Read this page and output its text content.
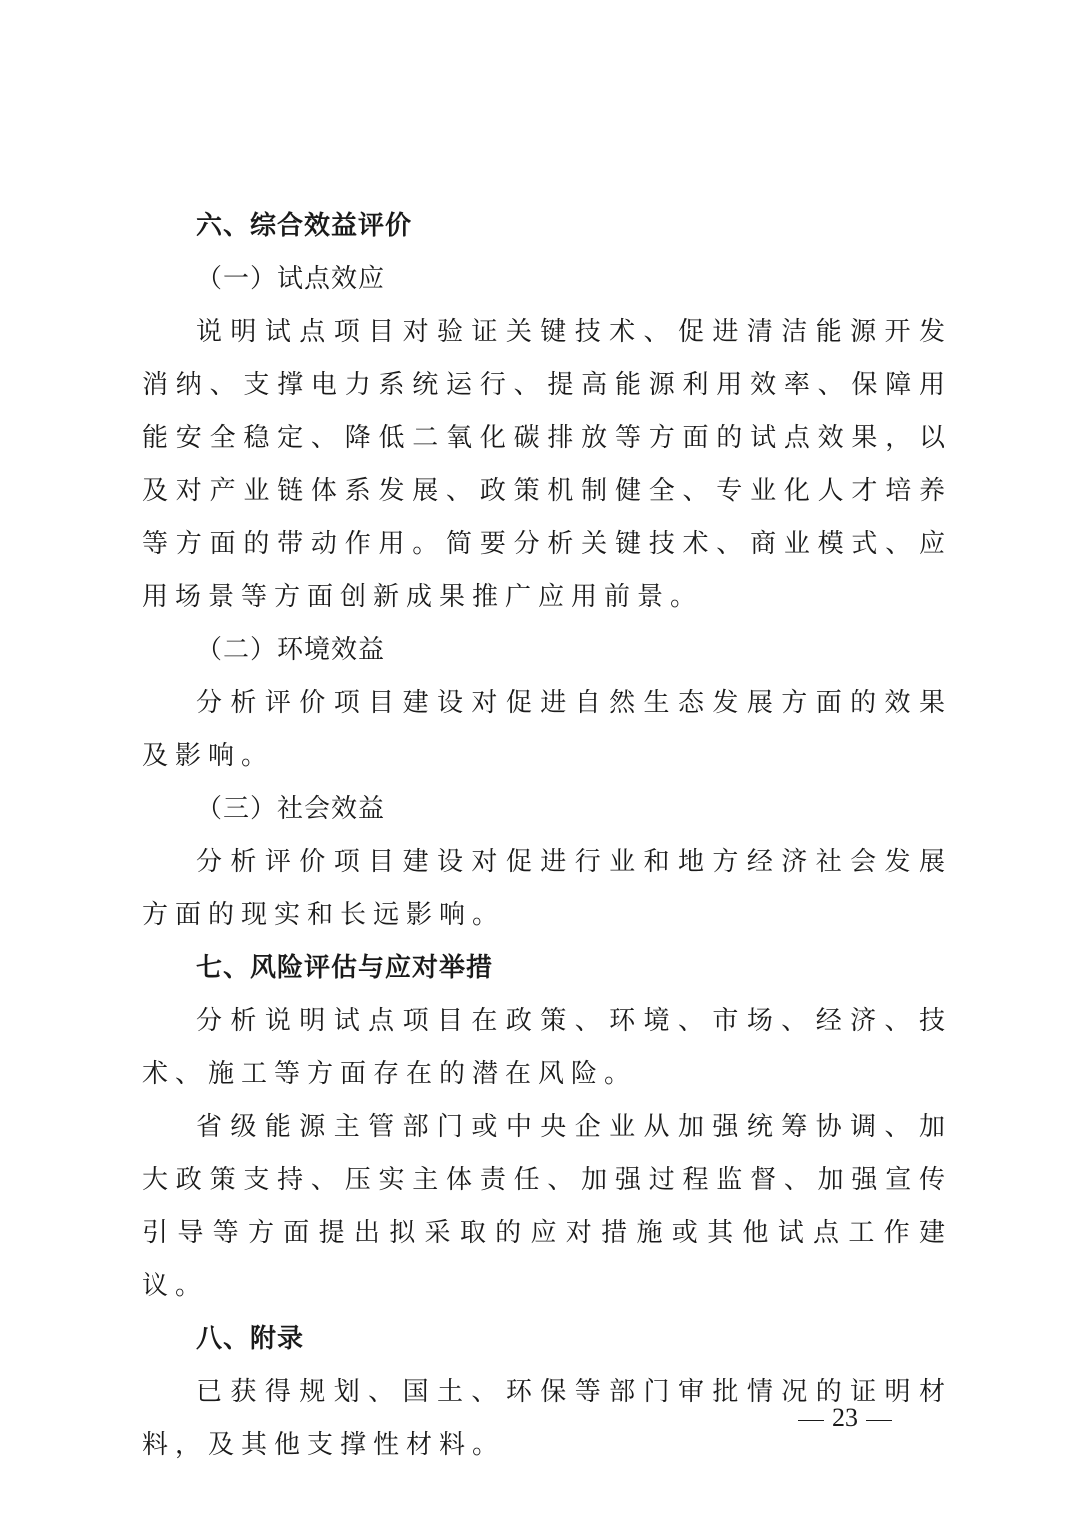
六、综合效益评价
（一）试点效应
说明试点项目对验证关键技术、促进清洁能源开发消纳、支撑电力系统运行、提高能源利用效率、保障用能安全稳定、降低二氧化碳排放等方面的试点效果，以及对产业链体系发展、政策机制健全、专业化人才培养等方面的带动作用。简要分析关键技术、商业模式、应用场景等方面创新成果推广应用前景。
（二）环境效益
分析评价项目建设对促进自然生态发展方面的效果及影响。
（三）社会效益
分析评价项目建设对促进行业和地方经济社会发展方面的现实和长远影响。
七、风险评估与应对举措
分析说明试点项目在政策、环境、市场、经济、技术、施工等方面存在的潜在风险。
省级能源主管部门或中央企业从加强统筹协调、加大政策支持、压实主体责任、加强过程监督、加强宣传引导等方面提出拟采取的应对措施或其他试点工作建议。
八、附录
已获得规划、国土、环保等部门审批情况的证明材料，及其他支撑性材料。
23
